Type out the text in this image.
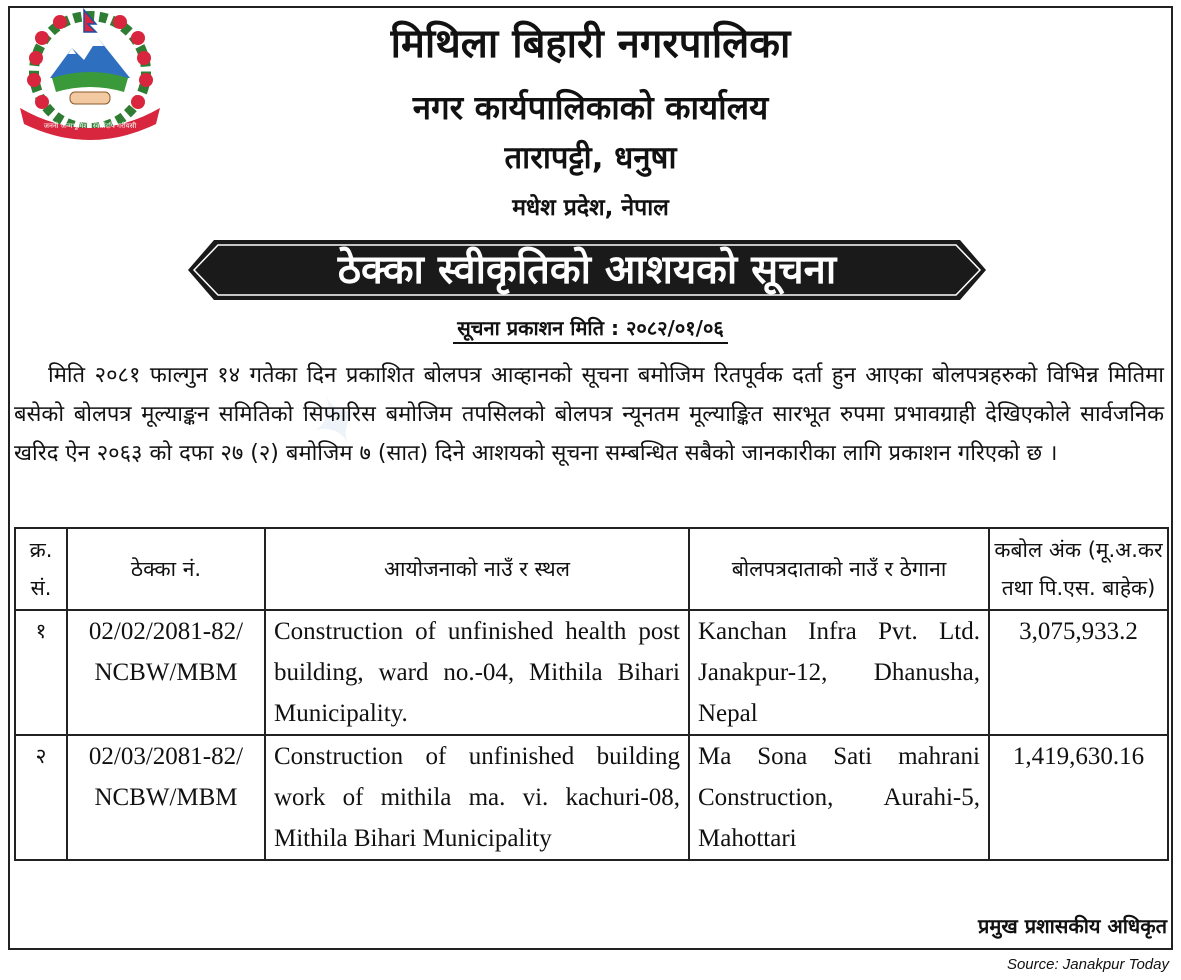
✦
जननी जन्मभूमिश्च स्वर्गादपि गरीयसी
मिथिला बिहारी नगरपालिका
नगर कार्यपालिकाको कार्यालय
तारापट्टी, धनुषा
मधेश प्रदेश, नेपाल
ठेक्का स्वीकृतिको आशयको सूचना
सूचना प्रकाशन मिति : २०८२/०१/०६
मिति २०८१ फाल्गुन १४ गतेका दिन प्रकाशित बोलपत्र आव्हानको सूचना बमोजिम रितपूर्वक दर्ता हुन आएका बोलपत्रहरुको विभिन्न मितिमा बसेको बोलपत्र मूल्याङ्कन समितिको सिफारिस बमोजिम तपसिलको बोलपत्र न्यूनतम मूल्याङ्कित सारभूत रुपमा प्रभावग्राही देखिएकोले सार्वजनिक खरिद ऐन २०६३ को दफा २७ (२) बमोजिम ७ (सात) दिने आशयको सूचना सम्बन्धित सबैको जानकारीका लागि प्रकाशन गरिएको छ ।
क्र. सं.	ठेक्का नं.	आयोजनाको नाउँ र स्थल	बोलपत्रदाताको नाउँ र ठेगाना	कबोल अंक (मू.अ.कर तथा पि.एस. बाहेक)
१	02/02/2081-82/ NCBW/MBM	Construction of unfinished health post building, ward no.-04, Mithila Bihari Municipality.	Kanchan Infra Pvt. Ltd. Janakpur-12, Dhanusha, Nepal	3,075,933.2
२	02/03/2081-82/ NCBW/MBM	Construction of unfinished building work of mithila ma. vi. kachuri-08, Mithila Bihari Municipality	Ma Sona Sati mahrani Construction, Aurahi-5, Mahottari	1,419,630.16
प्रमुख प्रशासकीय अधिकृत
Source: Janakpur Today
